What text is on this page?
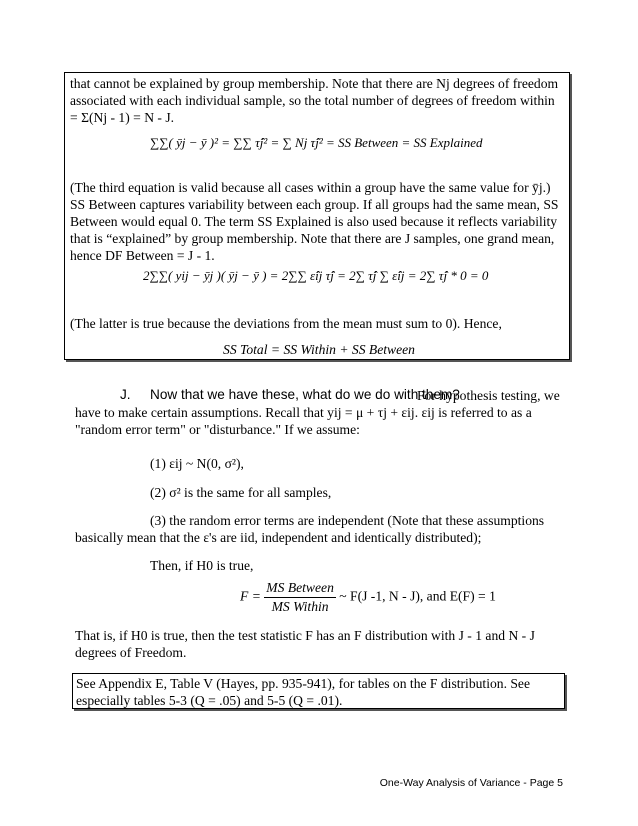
that cannot be explained by group membership. Note that there are Nj degrees of freedom associated with each individual sample, so the total number of degrees of freedom within = Σ(Nj - 1) = N - J.

∑∑( ȳj − ȳ )² = ∑∑ τ̂j² = ∑ Nj τ̂j² = SS Between = SS Explained

(The third equation is valid because all cases within a group have the same value for ȳj.) SS Between captures variability between each group. If all groups had the same mean, SS Between would equal 0. The term SS Explained is also used because it reflects variability that is “explained” by group membership. Note that there are J samples, one grand mean, hence DF Between = J - 1.

2∑∑( yij − ȳj )( ȳj − ȳ ) = 2∑∑ ε̂ij τ̂j = 2∑ τ̂j ∑ ε̂ij = 2∑ τ̂j * 0 = 0

(The latter is true because the deviations from the mean must sum to 0). Hence,

SS Total = SS Within + SS Between
J. Now that we have these, what do we do with them?

For hypothesis testing, we have to make certain assumptions. Recall that yij = μ + τj + εij. εij is referred to as a "random error term" or "disturbance." If we assume:

(1) εij ~ N(0, σ²),

(2) σ² is the same for all samples,

(3) the random error terms are independent (Note that these assumptions basically mean that the ε's are iid, independent and identically distributed);

Then, if H0 is true,

$F = \frac{\text{MS Between}}{\text{MS Within}}$ ~ F(J -1, N - J), and E(F) = 1

That is, if H0 is true, then the test statistic F has an F distribution with J - 1 and N - J degrees of Freedom.

See Appendix E, Table V (Hayes, pp. 935-941), for tables on the F distribution. See especially tables 5-3 (Q = .05) and 5-5 (Q = .01).

One-Way Analysis of Variance - Page 5
